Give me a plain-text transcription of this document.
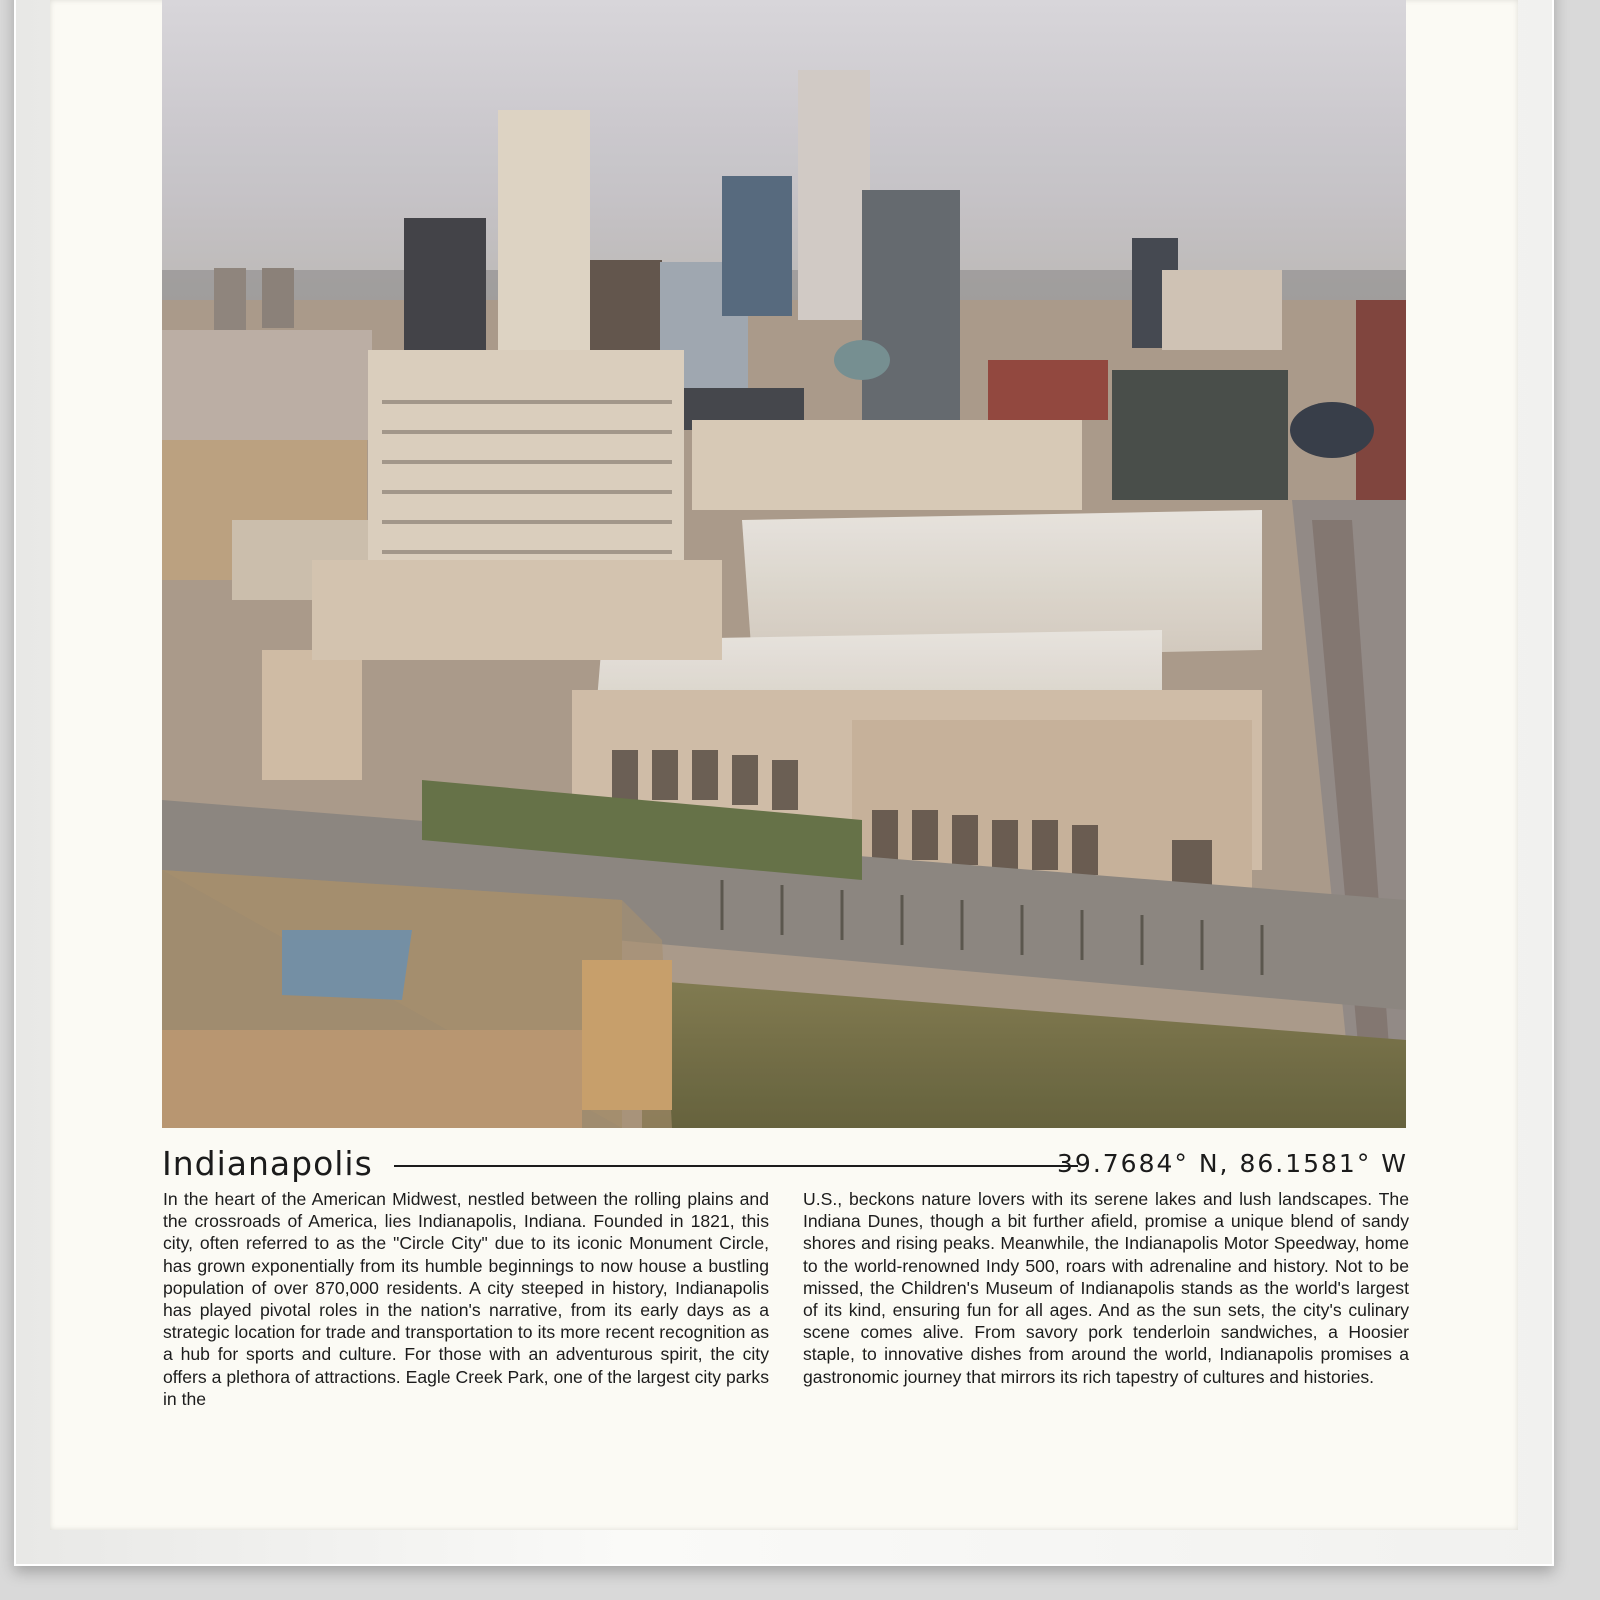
Indianapolis	39.7684° N, 86.1581° W

In the heart of the American Midwest, nestled between the rolling plains and the crossroads of America, lies Indianapolis, Indiana. Founded in 1821, this city, often referred to as the "Circle City" due to its iconic Monument Circle, has grown exponentially from its humble beginnings to now house a bustling population of over 870,000 residents. A city steeped in history, Indianapolis has played pivotal roles in the nation's narrative, from its early days as a strategic location for trade and transportation to its more recent recognition as a hub for sports and culture. For those with an adventurous spirit, the city offers a plethora of attractions. Eagle Creek Park, one of the largest city parks in the

U.S., beckons nature lovers with its serene lakes and lush landscapes. The Indiana Dunes, though a bit further afield, promise a unique blend of sandy shores and rising peaks. Meanwhile, the Indianapolis Motor Speedway, home to the world-renowned Indy 500, roars with adrenaline and history. Not to be missed, the Children's Museum of Indianapolis stands as the world's largest of its kind, ensuring fun for all ages. And as the sun sets, the city's culinary scene comes alive. From savory pork tenderloin sandwiches, a Hoosier staple, to innovative dishes from around the world, Indianapolis promises a gastronomic journey that mirrors its rich tapestry of cultures and histories.
